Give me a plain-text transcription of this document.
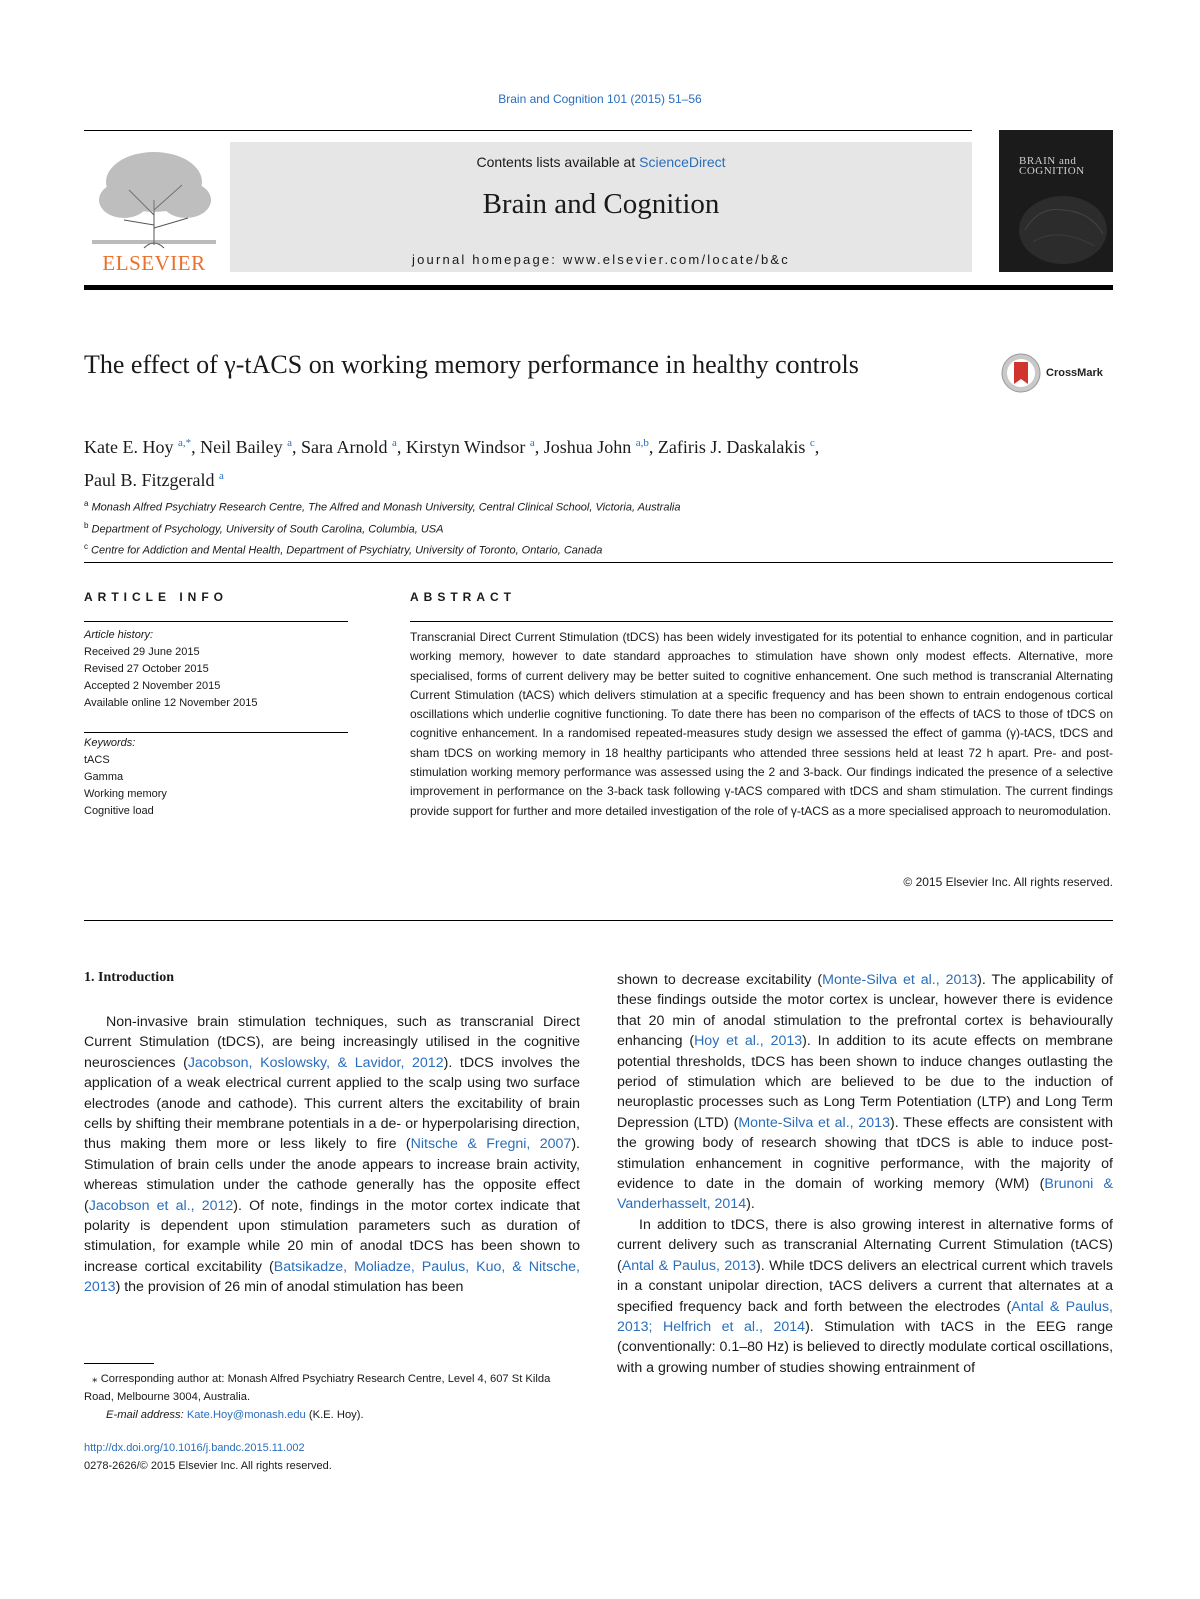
Brain and Cognition 101 (2015) 51–56
ELSEVIER
Contents lists available at ScienceDirect
Brain and Cognition
journal homepage: www.elsevier.com/locate/b&c
BRAIN and
COGNITION
The effect of γ-tACS on working memory performance in healthy controls	CrossMark
Kate E. Hoy $^{a,*}$, Neil Bailey $^a$, Sara Arnold $^a$, Kirstyn Windsor $^a$, Joshua John $^{a,b}$, Zafiris J. Daskalakis $^c$,
Paul B. Fitzgerald $^a$
$^a$ Monash Alfred Psychiatry Research Centre, The Alfred and Monash University, Central Clinical School, Victoria, Australia
$^b$ Department of Psychology, University of South Carolina, Columbia, USA
$^c$ Centre for Addiction and Mental Health, Department of Psychiatry, University of Toronto, Ontario, Canada
ARTICLE INFO
Article history:
Received 29 June 2015
Revised 27 October 2015
Accepted 2 November 2015
Available online 12 November 2015
Keywords:
tACS
Gamma
Working memory
Cognitive load
ABSTRACT
Transcranial Direct Current Stimulation (tDCS) has been widely investigated for its potential to enhance cognition, and in particular working memory, however to date standard approaches to stimulation have shown only modest effects. Alternative, more specialised, forms of current delivery may be better suited to cognitive enhancement. One such method is transcranial Alternating Current Stimulation (tACS) which delivers stimulation at a specific frequency and has been shown to entrain endogenous cortical oscillations which underlie cognitive functioning. To date there has been no comparison of the effects of tACS to those of tDCS on cognitive enhancement. In a randomised repeated-measures study design we assessed the effect of gamma (γ)-tACS, tDCS and sham tDCS on working memory in 18 healthy participants who attended three sessions held at least 72 h apart. Pre- and post-stimulation working memory performance was assessed using the 2 and 3-back. Our findings indicated the presence of a selective improvement in performance on the 3-back task following γ-tACS compared with tDCS and sham stimulation. The current findings provide support for further and more detailed investigation of the role of γ-tACS as a more specialised approach to neuromodulation.
© 2015 Elsevier Inc. All rights reserved.
1. Introduction
Non-invasive brain stimulation techniques, such as transcranial Direct Current Stimulation (tDCS), are being increasingly utilised in the cognitive neurosciences (Jacobson, Koslowsky, & Lavidor, 2012). tDCS involves the application of a weak electrical current applied to the scalp using two surface electrodes (anode and cathode). This current alters the excitability of brain cells by shifting their membrane potentials in a de- or hyperpolarising direction, thus making them more or less likely to fire (Nitsche & Fregni, 2007). Stimulation of brain cells under the anode appears to increase brain activity, whereas stimulation under the cathode generally has the opposite effect (Jacobson et al., 2012). Of note, findings in the motor cortex indicate that polarity is dependent upon stimulation parameters such as duration of stimulation, for example while 20 min of anodal tDCS has been shown to increase cortical excitability (Batsikadze, Moliadze, Paulus, Kuo, & Nitsche, 2013) the provision of 26 min of anodal stimulation has been

shown to decrease excitability (Monte-Silva et al., 2013). The applicability of these findings outside the motor cortex is unclear, however there is evidence that 20 min of anodal stimulation to the prefrontal cortex is behaviourally enhancing (Hoy et al., 2013). In addition to its acute effects on membrane potential thresholds, tDCS has been shown to induce changes outlasting the period of stimulation which are believed to be due to the induction of neuroplastic processes such as Long Term Potentiation (LTP) and Long Term Depression (LTD) (Monte-Silva et al., 2013). These effects are consistent with the growing body of research showing that tDCS is able to induce post-stimulation enhancement in cognitive performance, with the majority of evidence to date in the domain of working memory (WM) (Brunoni & Vanderhasselt, 2014).

In addition to tDCS, there is also growing interest in alternative forms of current delivery such as transcranial Alternating Current Stimulation (tACS) (Antal & Paulus, 2013). While tDCS delivers an electrical current which travels in a constant unipolar direction, tACS delivers a current that alternates at a specified frequency back and forth between the electrodes (Antal & Paulus, 2013; Helfrich et al., 2014). Stimulation with tACS in the EEG range (conventionally: 0.1–80 Hz) is believed to directly modulate cortical oscillations, with a growing number of studies showing entrainment of

⁎ Corresponding author at: Monash Alfred Psychiatry Research Centre, Level 4, 607 St Kilda Road, Melbourne 3004, Australia.
E-mail address: Kate.Hoy@monash.edu (K.E. Hoy).
http://dx.doi.org/10.1016/j.bandc.2015.11.002
0278-2626/© 2015 Elsevier Inc. All rights reserved.
